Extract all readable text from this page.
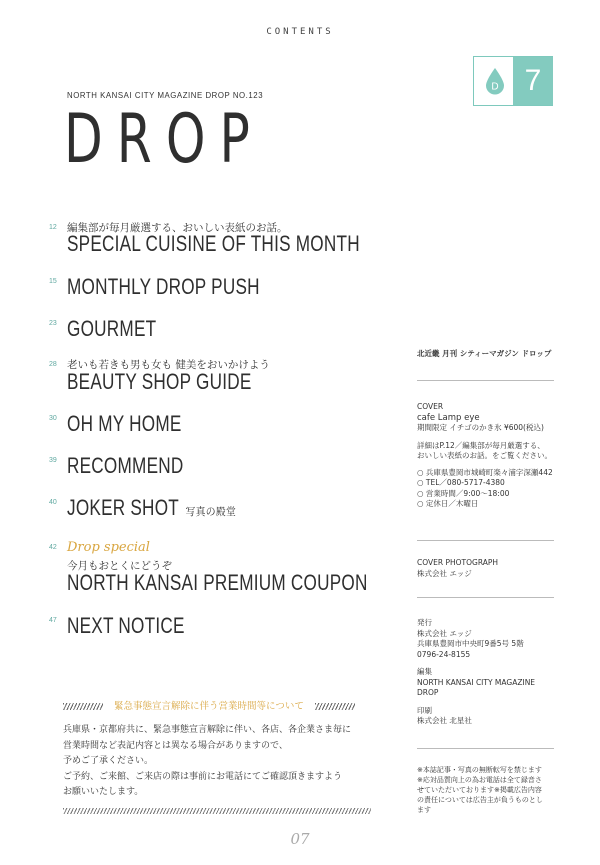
CONTENTS
D 7
NORTH KANSAI CITY MAGAZINE DROP NO.123
DROP
12 編集部が毎月厳選する、おいしい表紙のお話。
SPECIAL CUISINE OF THIS MONTH
15 MONTHLY DROP PUSH
23 GOURMET
28 老いも若きも男も女も 健美をおいかけよう
BEAUTY SHOP GUIDE
30 OH MY HOME
39 RECOMMEND
40 JOKER SHOT 写真の殿堂
42 Drop special
今月もおとくにどうぞ
NORTH KANSAI PREMIUM COUPON
47 NEXT NOTICE
北近畿 月刊 シティーマガジン ドロップ
COVER
cafe Lamp eye
期間限定 イチゴのかき氷 ¥600(税込)
詳細はP.12／編集部が毎月厳選する、
おいしい表紙のお話。をご覧ください。
○ 兵庫県豊岡市城崎町楽々浦字深瀬442
○ TEL／080-5717-4380
○ 営業時間／9:00～18:00
○ 定休日／木曜日
COVER PHOTOGRAPH
株式会社 エッジ
発行
株式会社 エッジ
兵庫県豊岡市中央町9番5号 5階
0796-24-8155
編集
NORTH KANSAI CITY MAGAZINE
DROP
印刷
株式会社 北星社
※本誌記事・写真の無断転写を禁じます
※応対品質向上の為お電話は全て録音さ
せていただいております※掲載広告内容
の責任については広告主が負うものとし
ます
緊急事態宣言解除に伴う営業時間等について
兵庫県・京都府共に、緊急事態宣言解除に伴い、各店、各企業さま毎に
営業時間など表記内容とは異なる場合がありますので、
予めご了承ください。
ご予約、ご来館、ご来店の際は事前にお電話にてご確認頂きますよう
お願いいたします。
07
